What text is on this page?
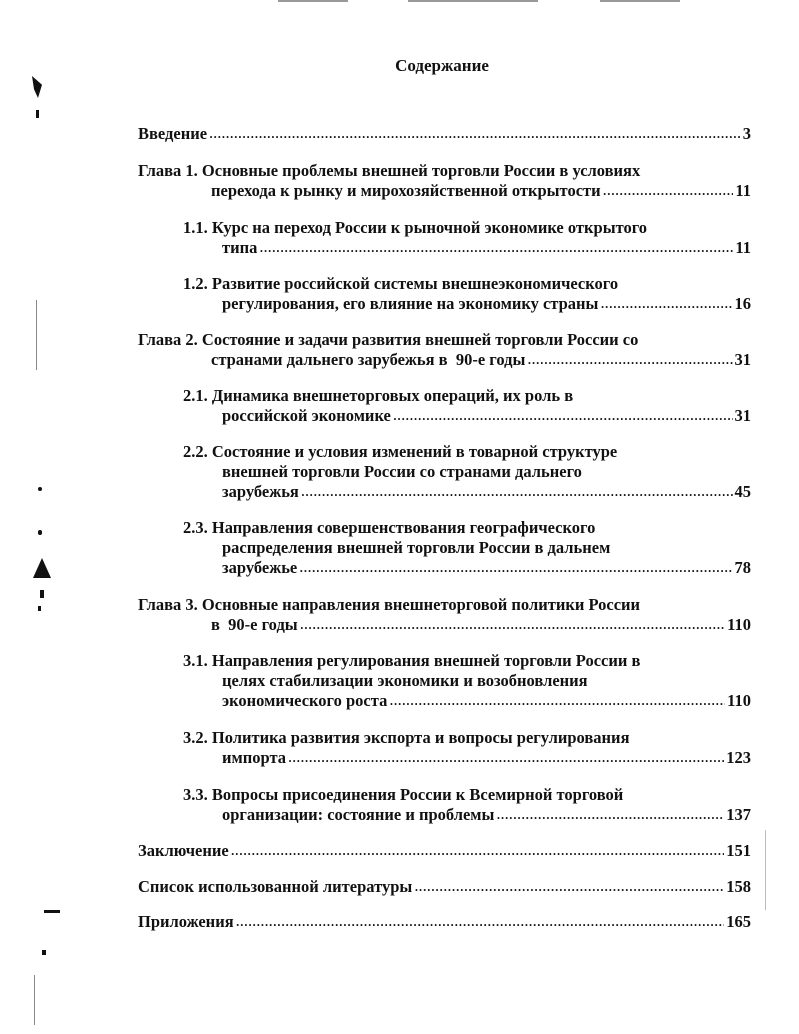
Содержание
Введение .....	3
Глава 1. Основные проблемы внешней торговли России в условиях
перехода к рынку и мирохозяйственной открытости .....	11
1.1. Курс на переход России к рыночной экономике открытого
типа .....	11
1.2. Развитие российской системы внешнеэкономического
регулирования, его влияние на экономику страны .....	16
Глава 2. Состояние и задачи развития внешней торговли России со
странами дальнего зарубежья в  90-е годы .....	31
2.1. Динамика внешнеторговых операций, их роль в
российской экономике .....	31
2.2. Состояние и условия изменений в товарной структуре
внешней торговли России со странами дальнего
зарубежья .....	45
2.3. Направления совершенствования географического
распределения внешней торговли России в дальнем
зарубежье .....	78
Глава 3. Основные направления внешнеторговой политики России
в  90-е годы .....	110
3.1. Направления регулирования внешней торговли России в
целях стабилизации экономики и возобновления
экономического роста .....	110
3.2. Политика развития экспорта и вопросы регулирования
импорта .....	123
3.3. Вопросы присоединения России к Всемирной торговой
организации: состояние и проблемы .....	137
Заключение .....	151
Список использованной литературы .....	158
Приложения .....	165
